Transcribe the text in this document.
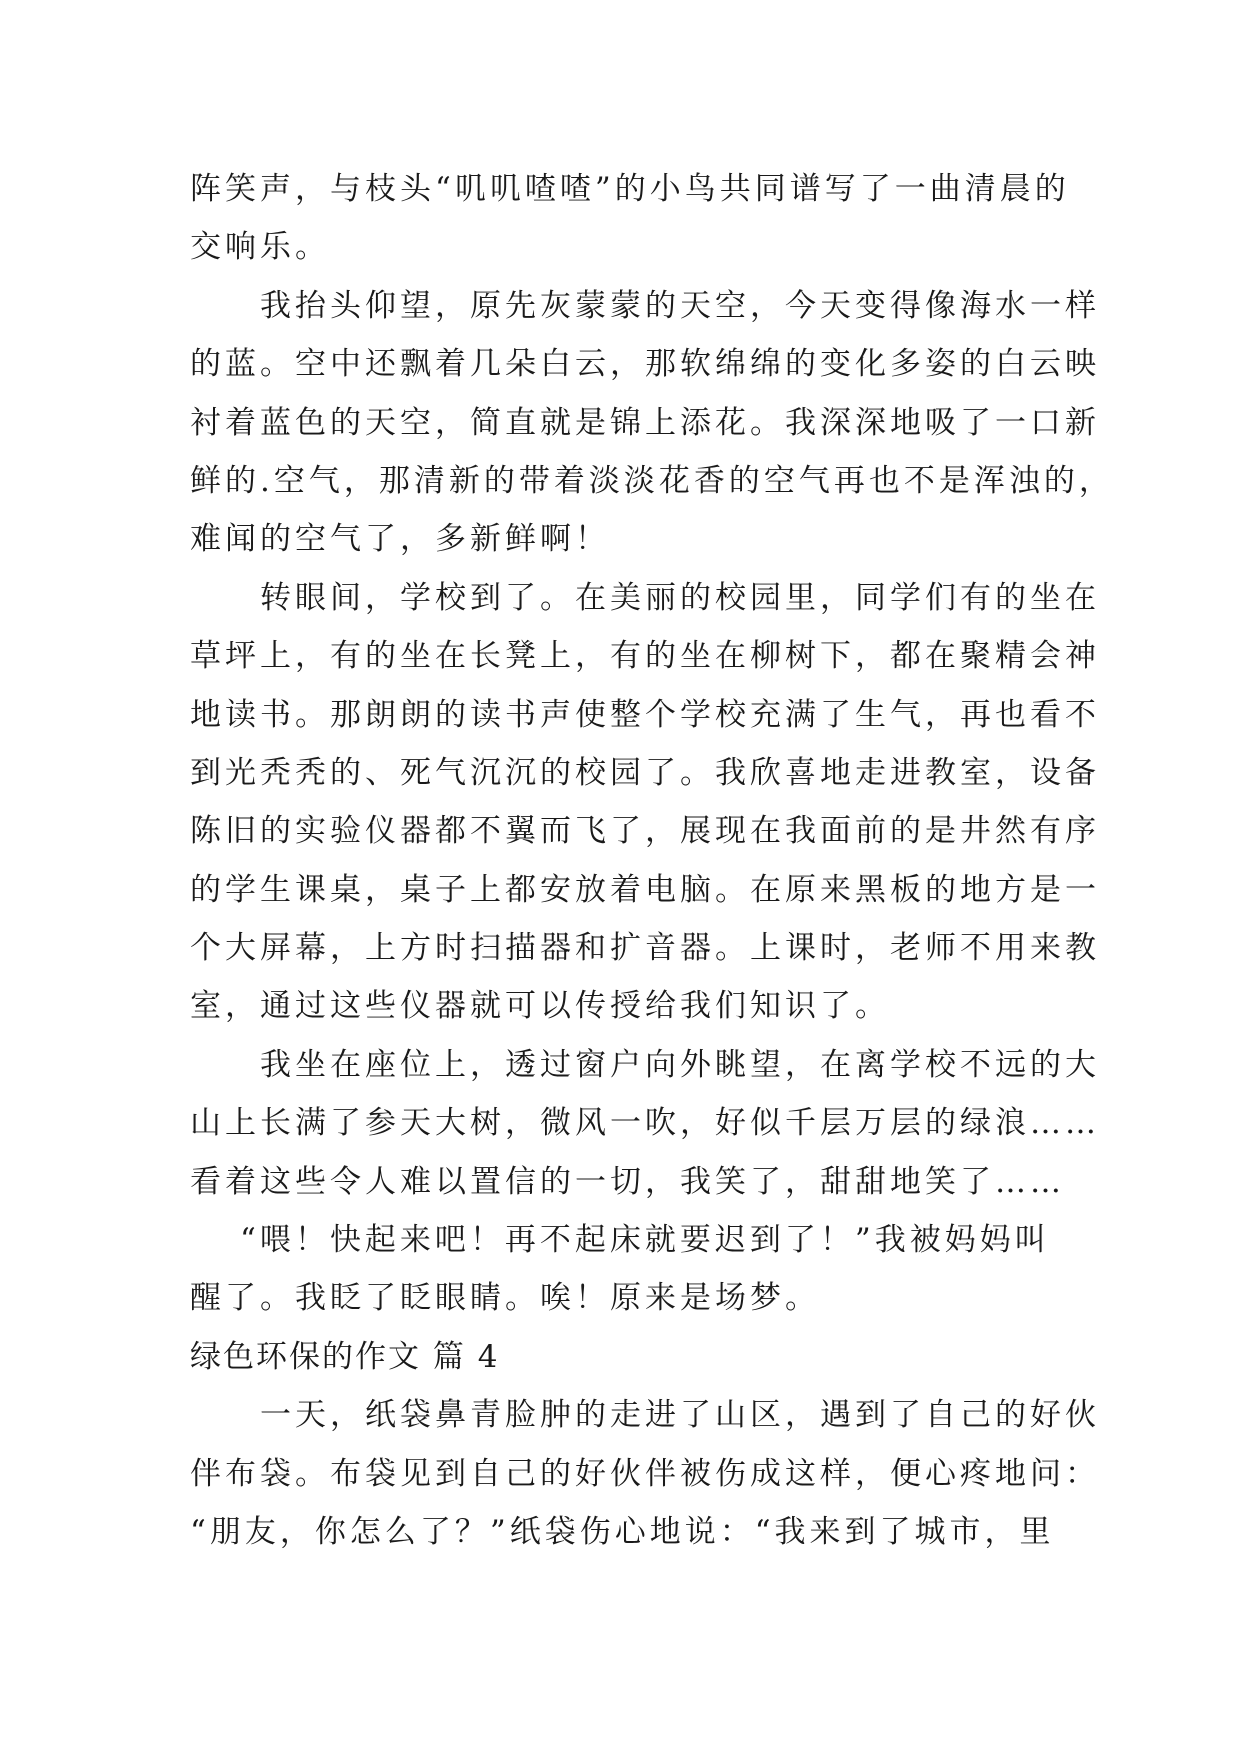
阵笑声，与枝头“叽叽喳喳”的小鸟共同谱写了一曲清晨的
交响乐。
我抬头仰望，原先灰蒙蒙的天空，今天变得像海水一样
的蓝。空中还飘着几朵白云，那软绵绵的变化多姿的白云映
衬着蓝色的天空，简直就是锦上添花。我深深地吸了一口新
鲜的.空气，那清新的带着淡淡花香的空气再也不是浑浊的，
难闻的空气了，多新鲜啊！
转眼间，学校到了。在美丽的校园里，同学们有的坐在
草坪上，有的坐在长凳上，有的坐在柳树下，都在聚精会神
地读书。那朗朗的读书声使整个学校充满了生气，再也看不
到光秃秃的、死气沉沉的校园了。我欣喜地走进教室，设备
陈旧的实验仪器都不翼而飞了，展现在我面前的是井然有序
的学生课桌，桌子上都安放着电脑。在原来黑板的地方是一
个大屏幕，上方时扫描器和扩音器。上课时，老师不用来教
室，通过这些仪器就可以传授给我们知识了。
我坐在座位上，透过窗户向外眺望，在离学校不远的大
山上长满了参天大树，微风一吹，好似千层万层的绿浪……
看着这些令人难以置信的一切，我笑了，甜甜地笑了……
“喂！快起来吧！再不起床就要迟到了！”我被妈妈叫
醒了。我眨了眨眼睛。唉！原来是场梦。
绿色环保的作文 篇 4
一天，纸袋鼻青脸肿的走进了山区，遇到了自己的好伙
伴布袋。布袋见到自己的好伙伴被伤成这样，便心疼地问：
“朋友，你怎么了？”纸袋伤心地说：“我来到了城市，里
